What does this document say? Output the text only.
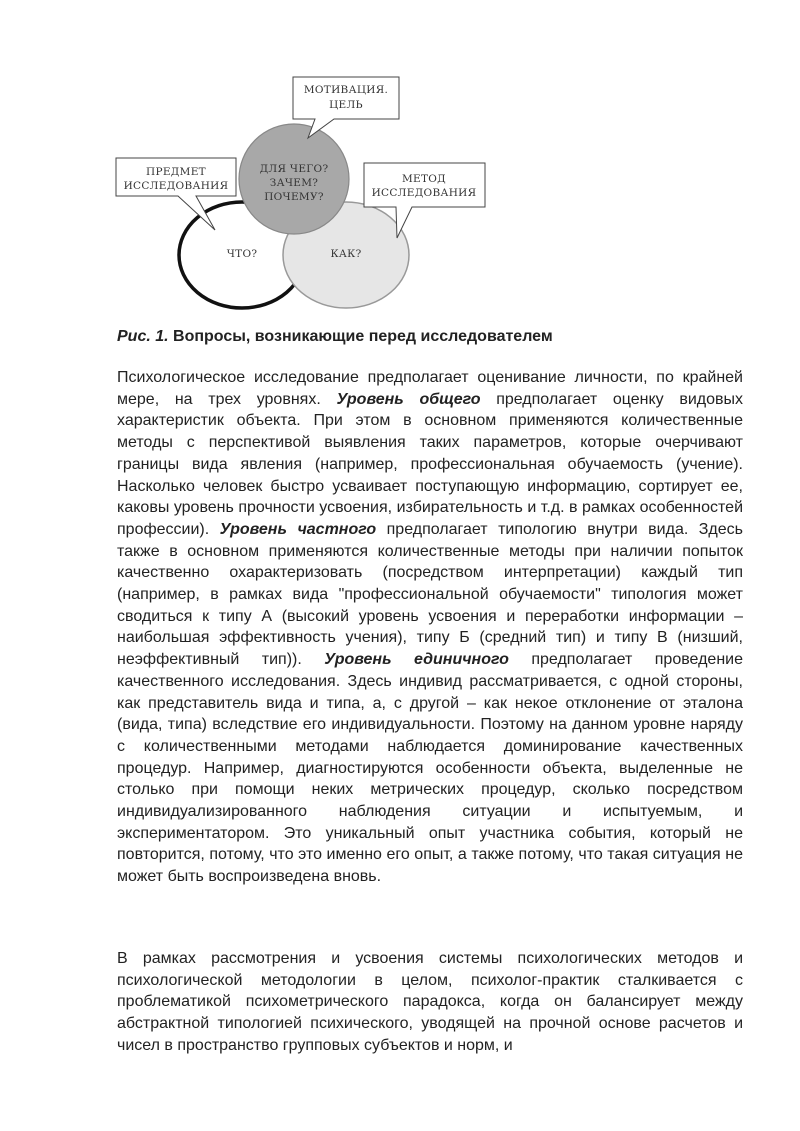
МОТИВАЦИЯ.
ЦЕЛЬ
ПРЕДМЕТ
ИССЛЕДОВАНИЯ
МЕТОД
ИССЛЕДОВАНИЯ
ДЛЯ ЧЕГО?
ЗАЧЕМ?
ПОЧЕМУ?
ЧТО?	КАК?
Рис. 1. Вопросы, возникающие перед исследователем

Психологическое исследование предполагает оценивание личности, по крайней мере, на трех уровнях. Уровень общего предполагает оценку видовых характеристик объекта. При этом в основном применяются количественные методы с перспективой выявления таких параметров, которые очерчивают границы вида явления (например, профессиональная обучаемость (учение). Насколько человек быстро усваивает поступающую информацию, сортирует ее, каковы уровень прочности усвоения, избирательность и т.д. в рамках особенностей профессии). Уровень частного предполагает типологию внутри вида. Здесь также в основном применяются количественные методы при наличии попыток качественно охарактеризовать (посредством интерпретации) каждый тип (например, в рамках вида "профессиональной обучаемости" типология может сводиться к типу А (высокий уровень усвоения и переработки информации – наибольшая эффективность учения), типу Б (средний тип) и типу В (низший, неэффективный тип)). Уровень единичного предполагает проведение качественного исследования. Здесь индивид рассматривается, с одной стороны, как представитель вида и типа, а, с другой – как некое отклонение от эталона (вида, типа) вследствие его индивидуальности. Поэтому на данном уровне наряду с количественными методами наблюдается доминирование качественных процедур. Например, диагностируются особенности объекта, выделенные не столько при помощи неких метрических процедур, сколько посредством индивидуализированного наблюдения ситуации и испытуемым, и экспериментатором. Это уникальный опыт участника события, который не повторится, потому, что это именно его опыт, а также потому, что такая ситуация не может быть воспроизведена вновь.

В рамках рассмотрения и усвоения системы психологических методов и психологической методологии в целом, психолог-практик сталкивается с проблематикой психометрического парадокса, когда он балансирует между абстрактной типологией психического, уводящей на прочной основе расчетов и чисел в пространство групповых субъектов и норм, и
